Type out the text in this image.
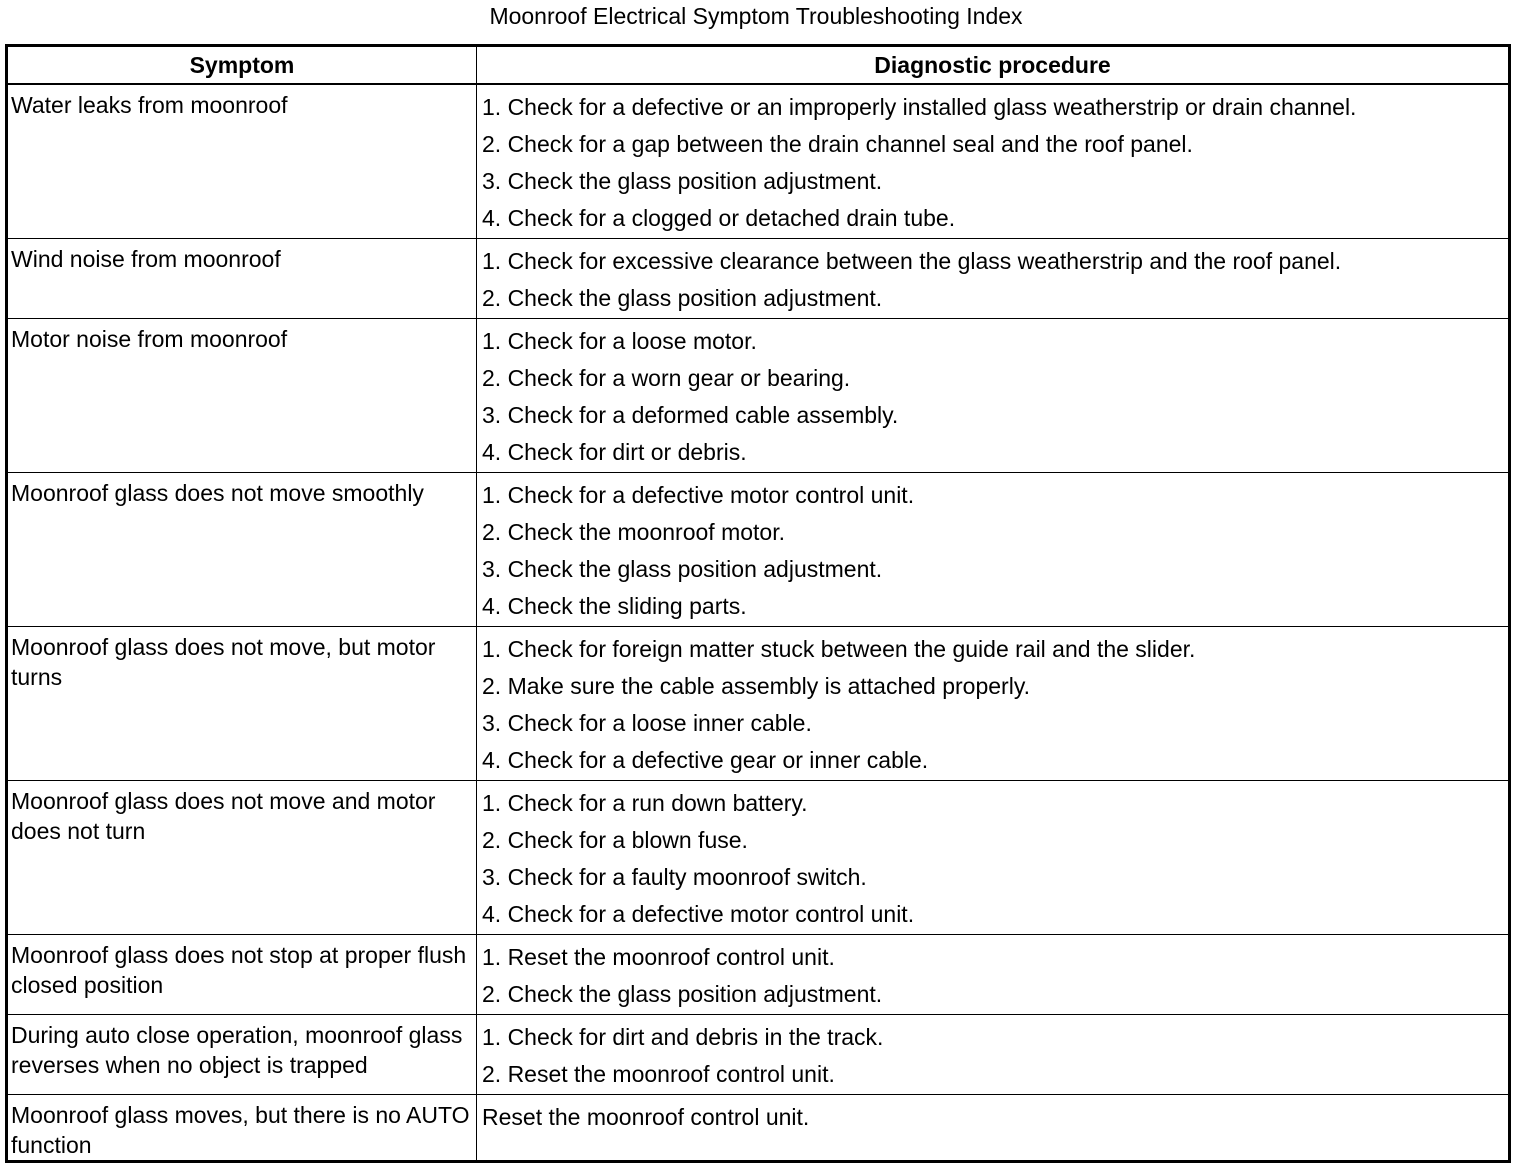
Moonroof Electrical Symptom Troubleshooting Index
Symptom	Diagnostic procedure
Water leaks from moonroof	1. Check for a defective or an improperly installed glass weatherstrip or drain channel.
2. Check for a gap between the drain channel seal and the roof panel.
3. Check the glass position adjustment.
4. Check for a clogged or detached drain tube.

Wind noise from moonroof	1. Check for excessive clearance between the glass weatherstrip and the roof panel.
2. Check the glass position adjustment.

Motor noise from moonroof	1. Check for a loose motor.
2. Check for a worn gear or bearing.
3. Check for a deformed cable assembly.
4. Check for dirt or debris.

Moonroof glass does not move smoothly	1. Check for a defective motor control unit.
2. Check the moonroof motor.
3. Check the glass position adjustment.
4. Check the sliding parts.

Moonroof glass does not move, but motor turns	1. Check for foreign matter stuck between the guide rail and the slider.
2. Make sure the cable assembly is attached properly.
3. Check for a loose inner cable.
4. Check for a defective gear or inner cable.

Moonroof glass does not move and motor does not turn	1. Check for a run down battery.
2. Check for a blown fuse.
3. Check for a faulty moonroof switch.
4. Check for a defective motor control unit.

Moonroof glass does not stop at proper flush closed position	1. Reset the moonroof control unit.
2. Check the glass position adjustment.

During auto close operation, moonroof glass reverses when no object is trapped	1. Check for dirt and debris in the track.
2. Reset the moonroof control unit.

Moonroof glass moves, but there is no AUTO function	Reset the moonroof control unit.
